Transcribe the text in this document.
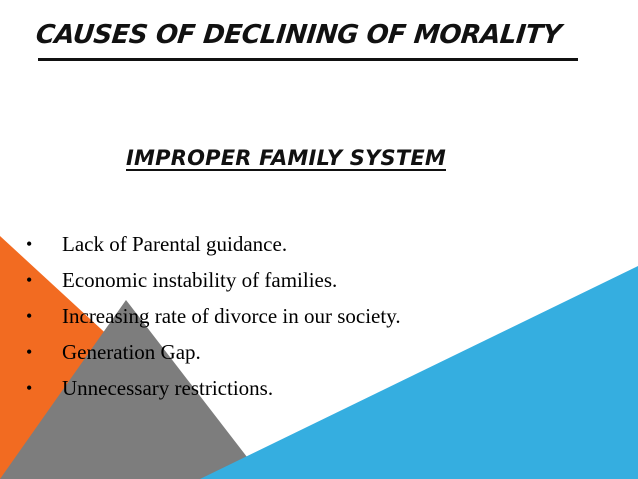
CAUSES OF DECLINING OF MORALITY
IMPROPER FAMILY SYSTEM
•	Lack of Parental guidance.
•	Economic instability of families.
•	Increasing rate of divorce in our society.
•	Generation Gap.
•	Unnecessary restrictions.
